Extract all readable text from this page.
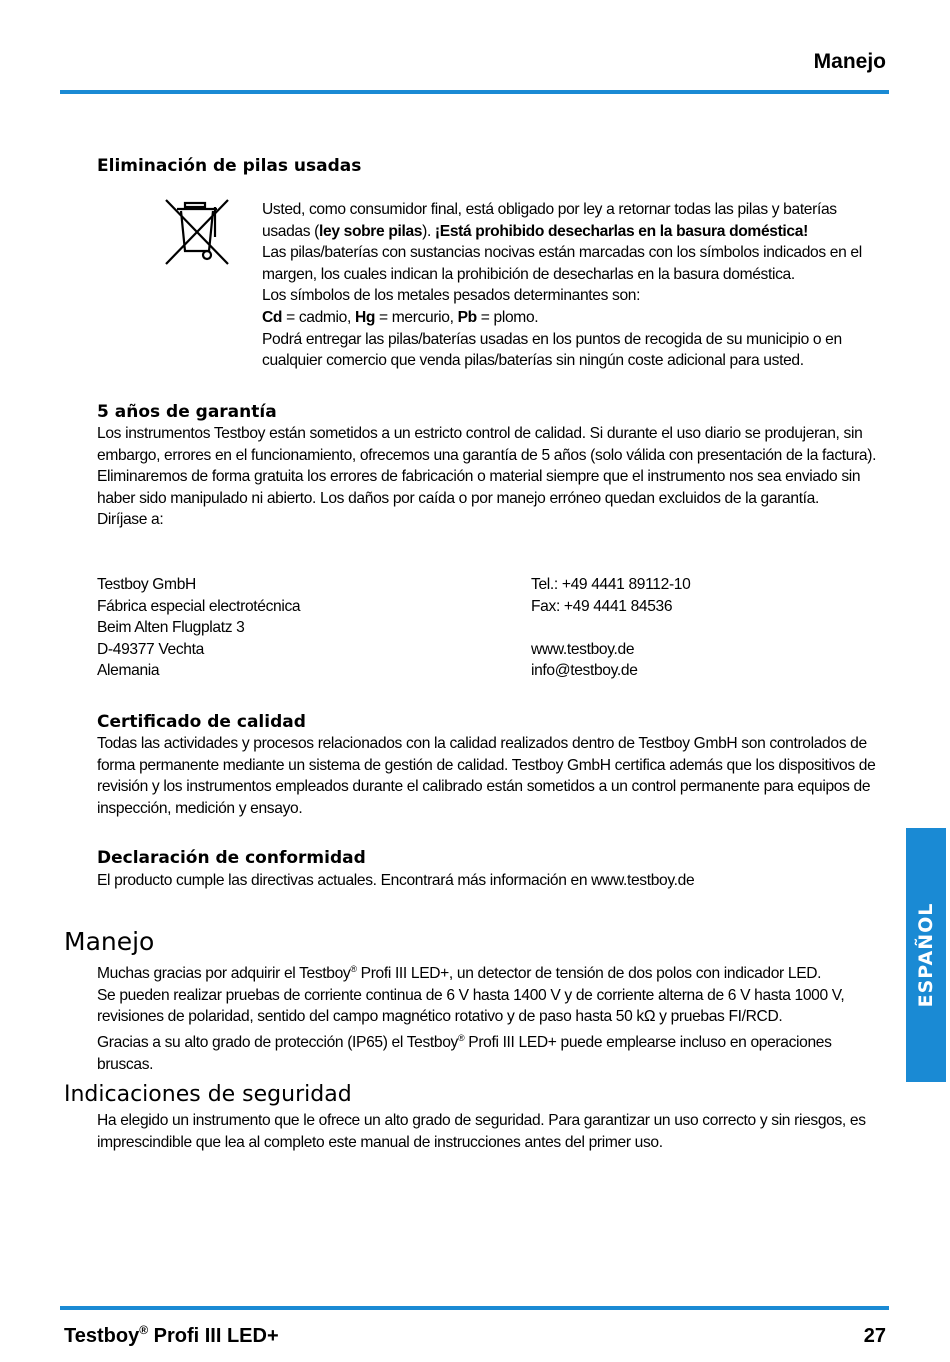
Manejo
Eliminación de pilas usadas

Usted, como consumidor final, está obligado por ley a retornar todas las pilas y baterías usadas (ley sobre pilas). ¡Está prohibido desecharlas en la basura doméstica!

Las pilas/baterías con sustancias nocivas están marcadas con los símbolos indicados en el margen, los cuales indican la prohibición de desecharlas en la basura doméstica.

Los símbolos de los metales pesados determinantes son:

Cd = cadmio, Hg = mercurio, Pb = plomo.

Podrá entregar las pilas/baterías usadas en los puntos de recogida de su municipio o en cualquier comercio que venda pilas/baterías sin ningún coste adicional para usted.

5 años de garantía

Los instrumentos Testboy están sometidos a un estricto control de calidad. Si durante el uso diario se produjeran, sin embargo, errores en el funcionamiento, ofrecemos una garantía de 5 años (solo válida con presentación de la factura). Eliminaremos de forma gratuita los errores de fabricación o material siempre que el instrumento nos sea enviado sin haber sido manipulado ni abierto. Los daños por caída o por manejo erróneo quedan excluidos de la garantía.

Diríjase a:

Testboy GmbH
Fábrica especial electrotécnica
Beim Alten Flugplatz 3
D-49377 Vechta
Alemania
Tel.: +49 4441 89112-10
Fax: +49 4441 84536

www.testboy.de
info@testboy.de
Certificado de calidad
Todas las actividades y procesos relacionados con la calidad realizados dentro de Testboy GmbH son controlados de forma permanente mediante un sistema de gestión de calidad. Testboy GmbH certifica además que los dispositivos de revisión y los instrumentos empleados durante el calibrado están sometidos a un control permanente para equipos de inspección, medición y ensayo.
Declaración de conformidad
El producto cumple las directivas actuales. Encontrará más información en www.testboy.de
Manejo

Muchas gracias por adquirir el Testboy® Profi III LED+, un detector de tensión de dos polos con indicador LED.

Se pueden realizar pruebas de corriente continua de 6 V hasta 1400 V y de corriente alterna de 6 V hasta 1000 V, revisiones de polaridad, sentido del campo magnético rotativo y de paso hasta 50 kΩ y pruebas FI/RCD.

Gracias a su alto grado de protección (IP65) el Testboy® Profi III LED+ puede emplearse incluso en operaciones bruscas.

Indicaciones de seguridad
Ha elegido un instrumento que le ofrece un alto grado de seguridad. Para garantizar un uso correcto y sin riesgos, es imprescindible que lea al completo este manual de instrucciones antes del primer uso.
ESPAÑOL
Testboy® Profi III LED+	27
